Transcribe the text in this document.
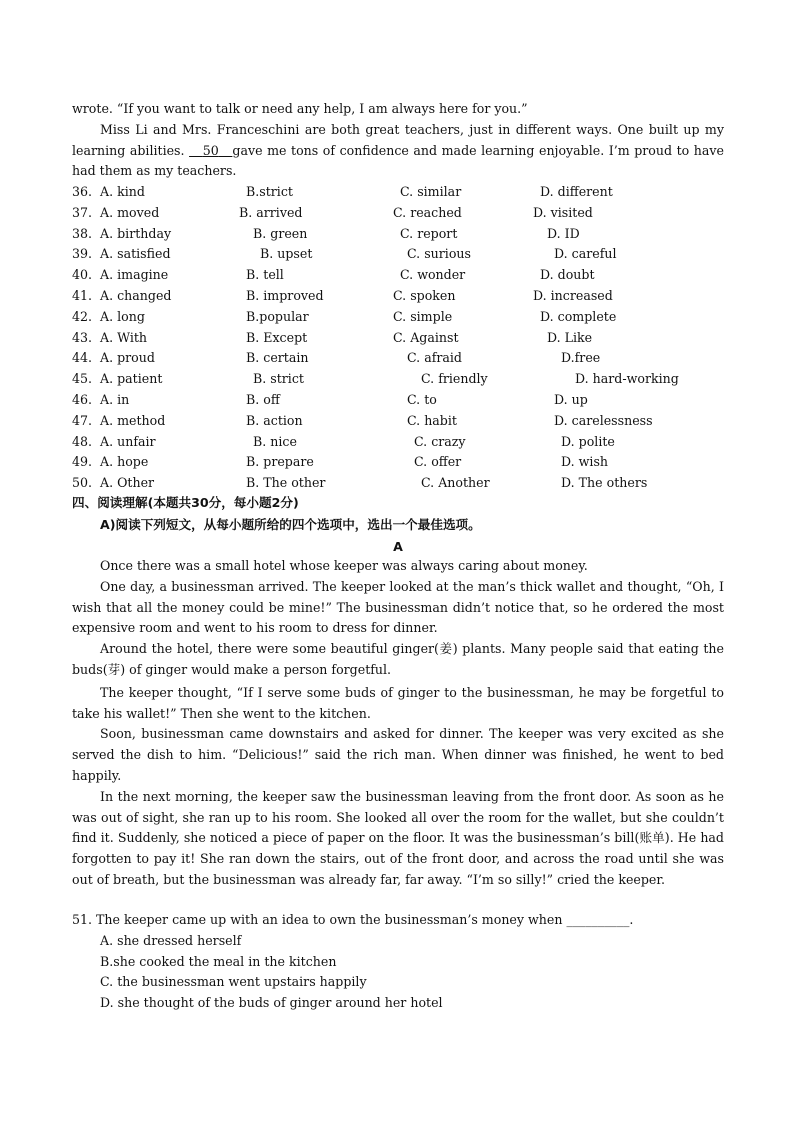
wrote. “If you want to talk or need any help, I am always here for you.”

Miss Li and Mrs. Franceschini are both great teachers, just in different ways. One built up my learning abilities.    50 gave me tons of confidence and made learning enjoyable. I’m proud to have had them as my teachers.

36. A. kind	B.strict	C. similar	D. different
37. A. moved	B. arrived	C. reached	D. visited
38. A. birthday	B. green	C. report	D. ID
39. A. satisfied	B. upset	C. surious	D. careful
40. A. imagine	B. tell	C. wonder	D. doubt
41. A. changed	B. improved	C. spoken	D. increased
42. A. long	B.popular	C. simple	D. complete
43. A. With	B. Except	C. Against	D. Like
44. A. proud	B. certain	C. afraid	D.free
45. A. patient	B. strict	C. friendly	D. hard-working
46. A. in	B. off	C. to	D. up
47. A. method	B. action	C. habit	D. carelessness
48. A. unfair	B. nice	C. crazy	D. polite
49. A. hope	B. prepare	C. offer	D. wish
50. A. Other	B. The other	C. Another	D. The others

四、阅读理解(本题共30分，每小题2分)

A)阅读下列短文，从每小题所给的四个选项中，选出一个最佳选项。

A

Once there was a small hotel whose keeper was always caring about money.

One day, a businessman arrived. The keeper looked at the man’s thick wallet and thought, “Oh, I wish that all the money could be mine!” The businessman didn’t notice that, so he ordered the most expensive room and went to his room to dress for dinner.

Around the hotel, there were some beautiful ginger(姜) plants. Many people said that eating the buds(芽) of ginger would make a person forgetful.

The keeper thought, “If I serve some buds of ginger to the businessman, he may be forgetful to take his wallet!” Then she went to the kitchen.

Soon, businessman came downstairs and asked for dinner. The keeper was very excited as she served the dish to him. “Delicious!” said the rich man. When dinner was finished, he went to bed happily.

In the next morning, the keeper saw the businessman leaving from the front door. As soon as he was out of sight, she ran up to his room. She looked all over the room for the wallet, but she couldn’t find it. Suddenly, she noticed a piece of paper on the floor. It was the businessman’s bill(账单). He had forgotten to pay it! She ran down the stairs, out of the front door, and across the road until she was out of breath, but the businessman was already far, far away. “I’m so silly!” cried the keeper.

51. The keeper came up with an idea to own the businessman’s money when __________.

A. she dressed herself

B.she cooked the meal in the kitchen

C. the businessman went upstairs happily

D. she thought of the buds of ginger around her hotel
